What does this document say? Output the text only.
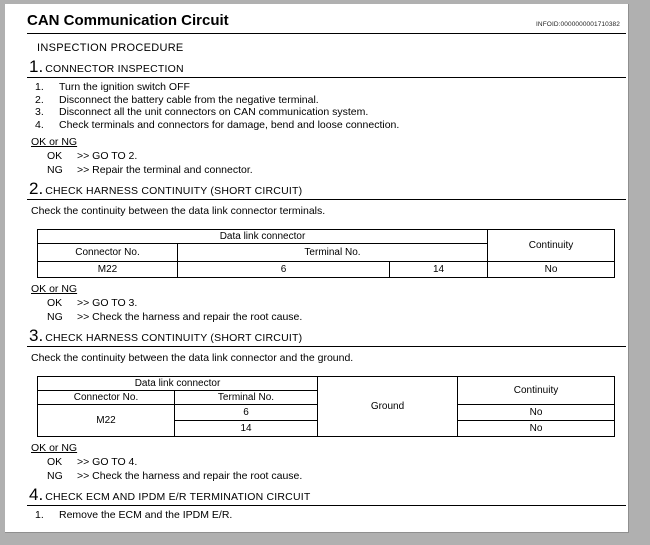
CAN Communication Circuit	INFOID:0000000001710382
INSPECTION PROCEDURE
1. CONNECTOR INSPECTION
1.	Turn the ignition switch OFF
2.	Disconnect the battery cable from the negative terminal.
3.	Disconnect all the unit connectors on CAN communication system.
4.	Check terminals and connectors for damage, bend and loose connection.
OK or NG
OK	>> GO TO 2.
NG	>> Repair the terminal and connector.
2. CHECK HARNESS CONTINUITY (SHORT CIRCUIT)
Check the continuity between the data link connector terminals.
Data link connector			Continuity
Connector No.	Terminal No.		
M22	6	14	No
OK or NG
OK	>> GO TO 3.
NG	>> Check the harness and repair the root cause.
3. CHECK HARNESS CONTINUITY (SHORT CIRCUIT)
Check the continuity between the data link connector and the ground.
Data link connector		Ground	Continuity
Connector No.	Terminal No.		
M22	6		No
	14		No
OK or NG
OK	>> GO TO 4.
NG	>> Check the harness and repair the root cause.
4. CHECK ECM AND IPDM E/R TERMINATION CIRCUIT
1.	Remove the ECM and the IPDM E/R.
